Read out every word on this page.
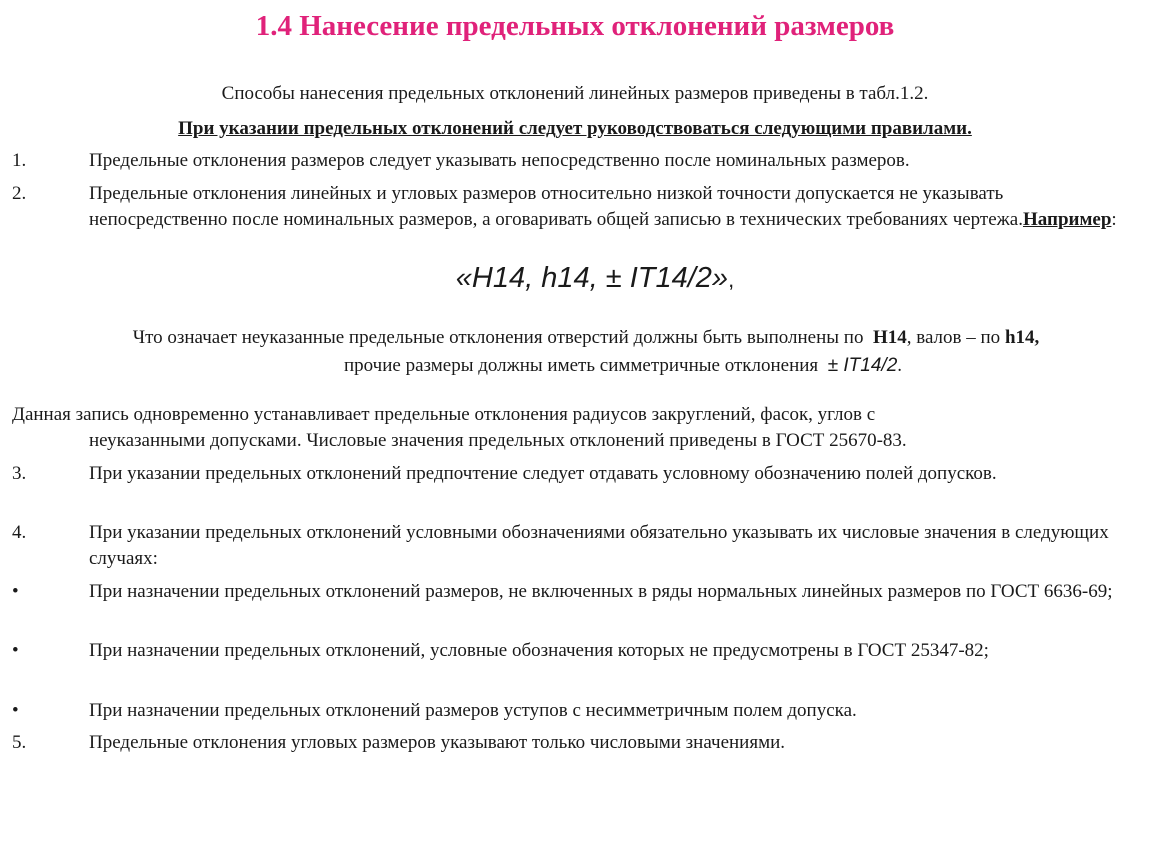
1.4 Нанесение предельных отклонений размеров
Способы нанесения предельных отклонений линейных размеров приведены в табл.1.2.
При указании предельных отклонений следует руководствоваться следующими правилами.
1.	Предельные отклонения размеров следует указывать непосредственно после номинальных размеров.
2.	Предельные отклонения линейных и угловых размеров относительно низкой точности допускается не указывать непосредственно после номинальных размеров, а оговаривать общей записью в технических требованиях чертежа.Например:
«H14, h14, ± IT14/2»,
Что означает неуказанные предельные отклонения отверстий должны быть выполнены по Н14, валов – по h14,
прочие размеры должны иметь симметричные отклонения ± IT14/2.
Данная запись одновременно устанавливает предельные отклонения радиусов закруглений, фасок, углов с
неуказанными допусками. Числовые значения предельных отклонений приведены в ГОСТ 25670-83.
3.	При указании предельных отклонений предпочтение следует отдавать условному обозначению полей допусков.
4.	При указании предельных отклонений условными обозначениями обязательно указывать их числовые значения в следующих случаях:
•	При назначении предельных отклонений размеров, не включенных в ряды нормальных линейных размеров по ГОСТ 6636-69;
•	При назначении предельных отклонений, условные обозначения которых не предусмотрены в ГОСТ 25347-82;
•	При назначении предельных отклонений размеров уступов с несимметричным полем допуска.
5.	Предельные отклонения угловых размеров указывают только числовыми значениями.
